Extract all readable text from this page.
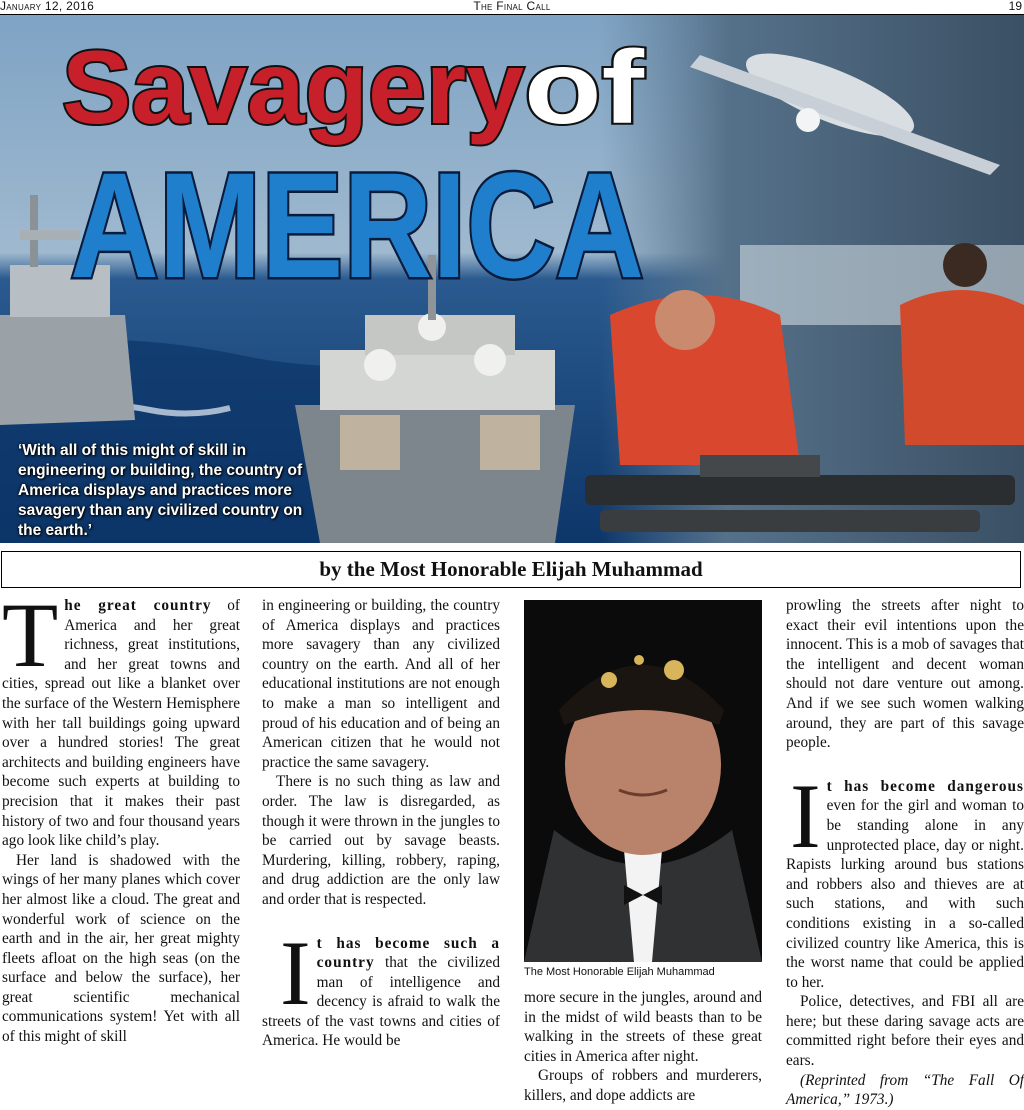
January 12, 2016	The Final Call	19
Savagery of
AMERICA
‘With all of this might of skill in engineering or building, the country of America displays and practices more savagery than any civilized country on the earth.’
by the Most Honorable Elijah Muhammad

The great country of America and her great richness, great institutions, and her great towns and cities, spread out like a blanket over the surface of the Western Hemisphere with her tall buildings going upward over a hundred stories! The great architects and building engineers have become such experts at building to precision that it makes their past history of two and four thousand years ago look like child’s play.

Her land is shadowed with the wings of her many planes which cover her almost like a cloud. The great and wonderful work of science on the earth and in the air, her great mighty fleets afloat on the high seas (on the surface and below the surface), her great scientific mechanical communications system! Yet with all of this might of skill

in engineering or building, the country of America displays and practices more savagery than any civilized country on the earth. And all of her educational institutions are not enough to make a man so intelligent and proud of his education and of being an American citizen that he would not practice the same savagery.

There is no such thing as law and order. The law is disregarded, as though it were thrown in the jungles to be carried out by savage beasts. Murdering, killing, robbery, raping, and drug addiction are the only law and order that is respected.

It has become such a country that the civilized man of intelligence and decency is afraid to walk the streets of the vast towns and cities of America. He would be

The Most Honorable Elijah Muhammad

more secure in the jungles, around and in the midst of wild beasts than to be walking in the streets of these great cities in America after night.

Groups of robbers and murderers, killers, and dope addicts are

prowling the streets after night to exact their evil intentions upon the innocent. This is a mob of savages that the intelligent and decent woman should not dare venture out among. And if we see such women walking around, they are part of this savage people.

It has become dangerous even for the girl and woman to be standing alone in any unprotected place, day or night. Rapists lurking around bus stations and robbers also and thieves are at such stations, and with such conditions existing in a so-called civilized country like America, this is the worst name that could be applied to her.

Police, detectives, and FBI all are here; but these daring savage acts are committed right before their eyes and ears.

(Reprinted from “The Fall Of America,” 1973.)
